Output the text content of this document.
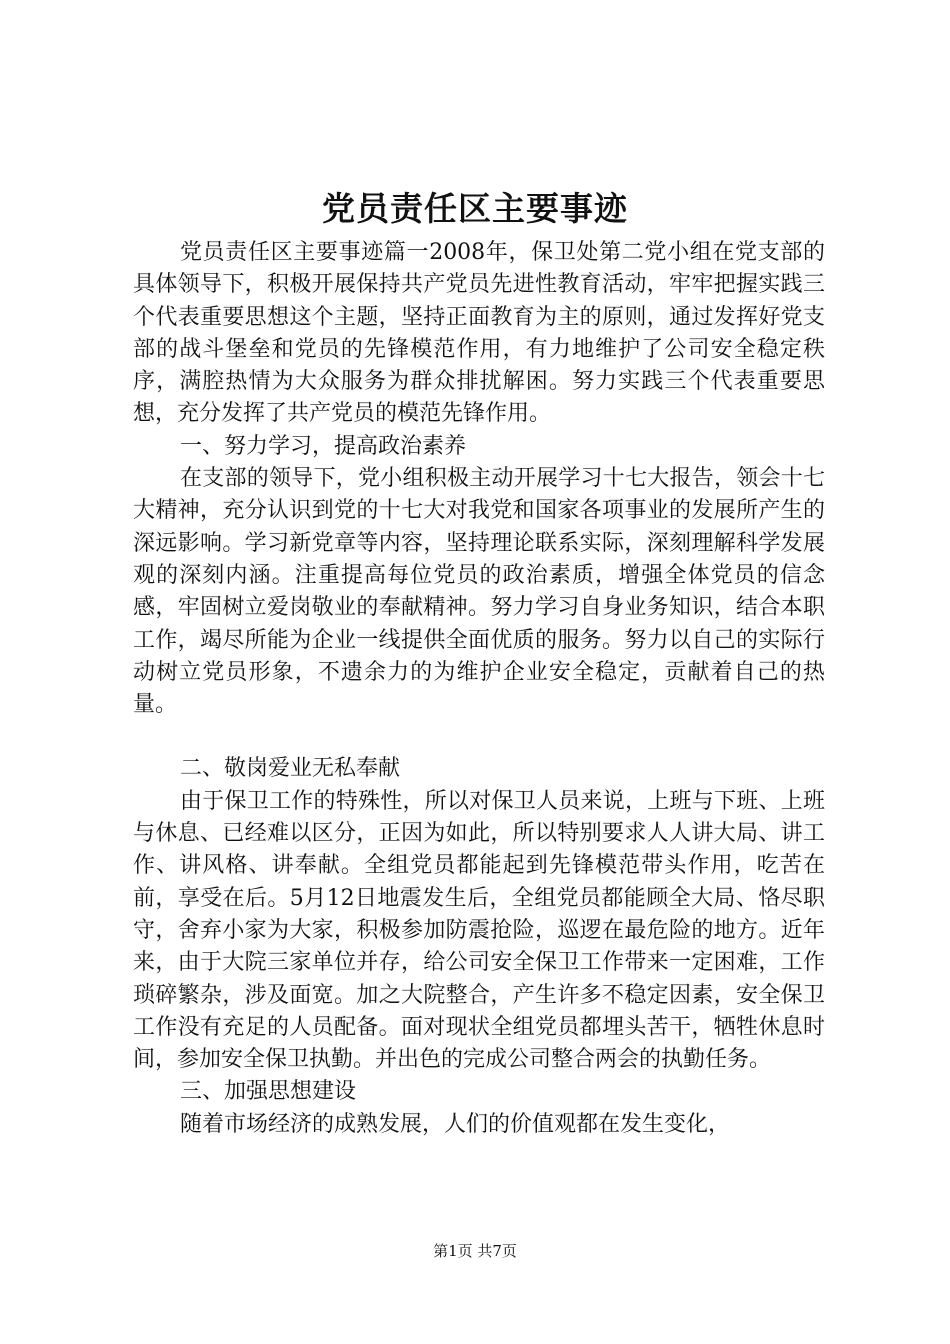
党员责任区主要事迹

党员责任区主要事迹篇一2008年，保卫处第二党小组在党支部的具体领导下，积极开展保持共产党员先进性教育活动，牢牢把握实践三个代表重要思想这个主题，坚持正面教育为主的原则，通过发挥好党支部的战斗堡垒和党员的先锋模范作用，有力地维护了公司安全稳定秩序，满腔热情为大众服务为群众排扰解困。努力实践三个代表重要思想，充分发挥了共产党员的模范先锋作用。

一、努力学习，提高政治素养

在支部的领导下，党小组积极主动开展学习十七大报告，领会十七大精神，充分认识到党的十七大对我党和国家各项事业的发展所产生的深远影响。学习新党章等内容，坚持理论联系实际，深刻理解科学发展观的深刻内涵。注重提高每位党员的政治素质，增强全体党员的信念感，牢固树立爱岗敬业的奉献精神。努力学习自身业务知识，结合本职工作，竭尽所能为企业一线提供全面优质的服务。努力以自己的实际行动树立党员形象，不遗余力的为维护企业安全稳定，贡献着自己的热量。

二、敬岗爱业无私奉献

由于保卫工作的特殊性，所以对保卫人员来说，上班与下班、上班与休息、已经难以区分，正因为如此，所以特别要求人人讲大局、讲工作、讲风格、讲奉献。全组党员都能起到先锋模范带头作用，吃苦在前，享受在后。5月12日地震发生后，全组党员都能顾全大局、恪尽职守，舍弃小家为大家，积极参加防震抢险，巡逻在最危险的地方。近年来，由于大院三家单位并存，给公司安全保卫工作带来一定困难，工作琐碎繁杂，涉及面宽。加之大院整合，产生许多不稳定因素，安全保卫工作没有充足的人员配备。面对现状全组党员都埋头苦干，牺牲休息时间，参加安全保卫执勤。并出色的完成公司整合两会的执勤任务。

三、加强思想建设

随着市场经济的成熟发展，人们的价值观都在发生变化，

第1页 共7页
